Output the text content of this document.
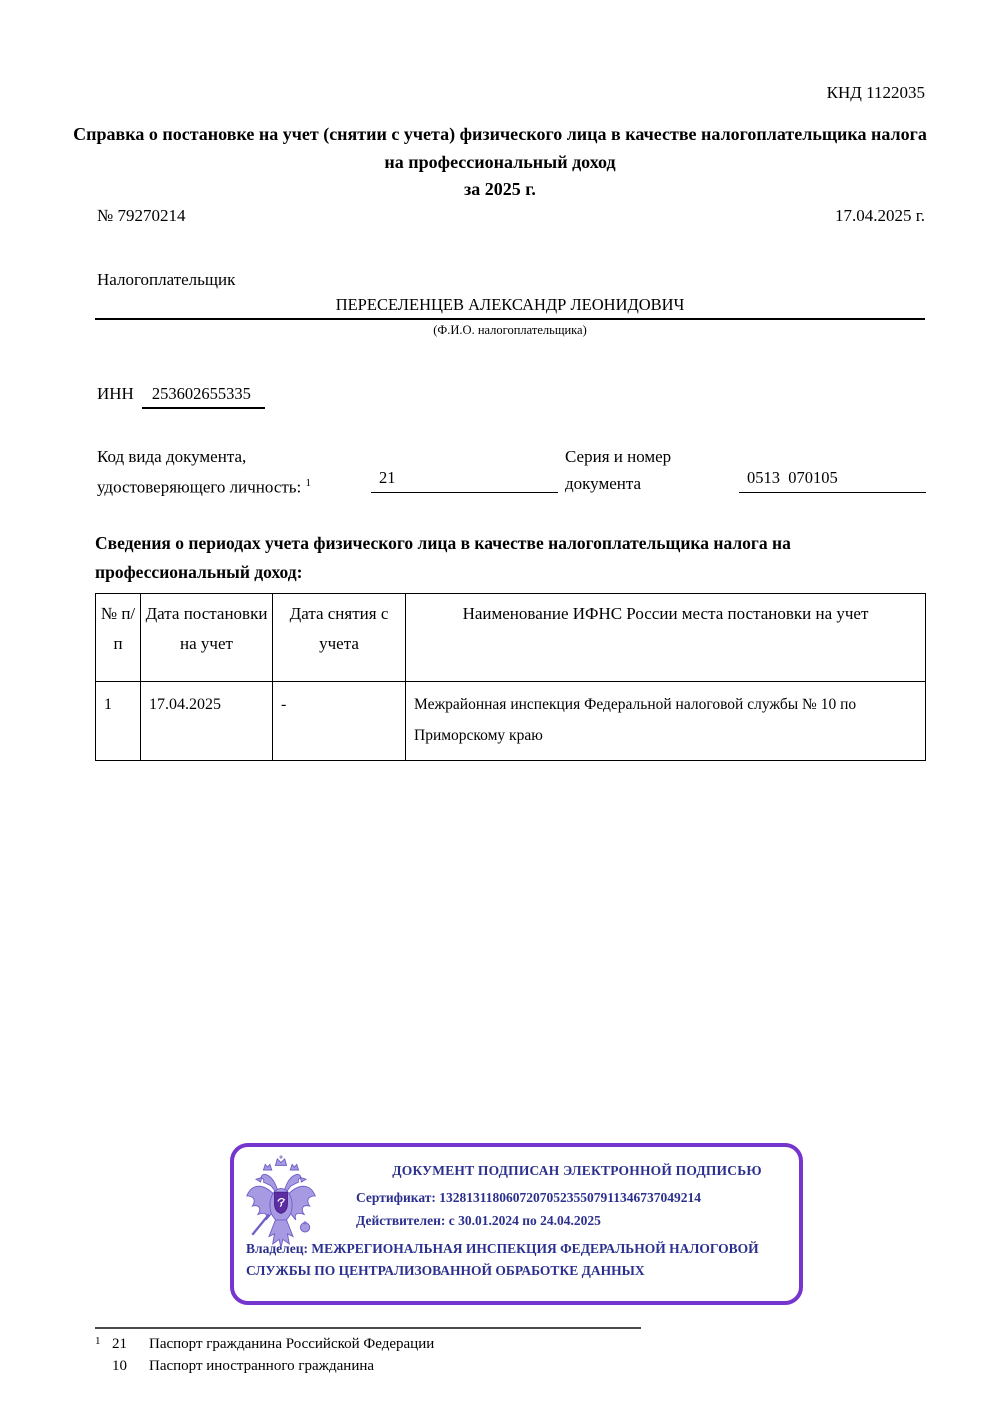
КНД 1122035
Справка о постановке на учет (снятии с учета) физического лица в качестве налогоплательщика налога на профессиональный доход
за 2025 г.
№ 79270214	17.04.2025 г.
Налогоплательщик
ПЕРЕСЕЛЕНЦЕВ АЛЕКСАНДР ЛЕОНИДОВИЧ
(Ф.И.О. налогоплательщика)
ИНН 253602655335
Код вида документа, удостоверяющего личность: $^1$	21
Серия и номер документа	0513  070105
Сведения о периодах учета физического лица в качестве налогоплательщика налога на профессиональный доход:
№ п/п	Дата постановки на учет	Дата снятия с учета	Наименование ИФНС России места постановки на учет
1	17.04.2025	-	Межрайонная инспекция Федеральной налоговой службы № 10 по Приморскому краю
ДОКУМЕНТ ПОДПИСАН ЭЛЕКТРОННОЙ ПОДПИСЬЮ
Сертификат: 132813118060720705235507911346737049214
Действителен: с 30.01.2024 по 24.04.2025
Владелец: МЕЖРЕГИОНАЛЬНАЯ ИНСПЕКЦИЯ ФЕДЕРАЛЬНОЙ НАЛОГОВОЙ СЛУЖБЫ ПО ЦЕНТРАЛИЗОВАННОЙ ОБРАБОТКЕ ДАННЫХ
1 21	Паспорт гражданина Российской Федерации
10	Паспорт иностранного гражданина
